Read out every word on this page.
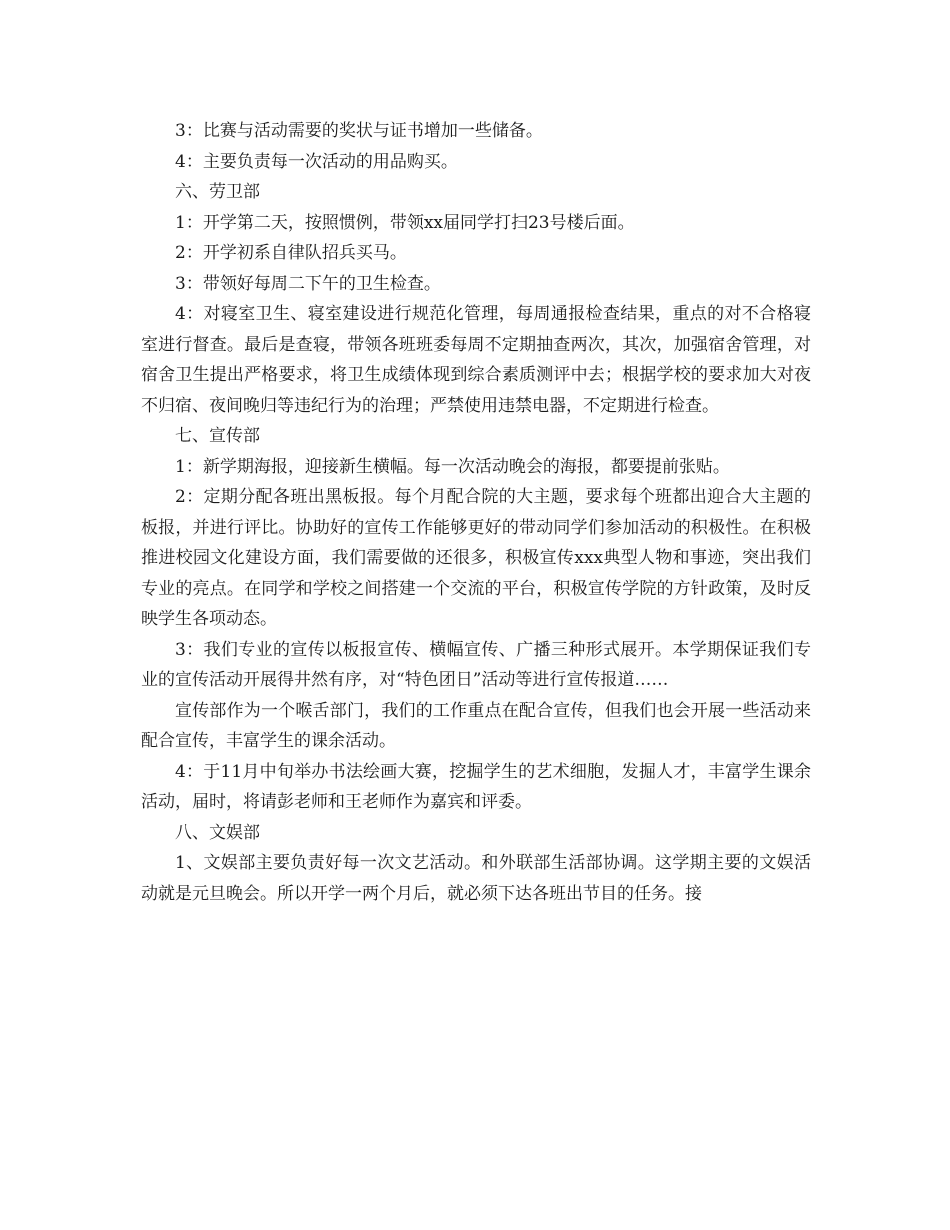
3：比赛与活动需要的奖状与证书增加一些储备。

4：主要负责每一次活动的用品购买。

六、劳卫部

1：开学第二天，按照惯例，带领xx届同学打扫23号楼后面。

2：开学初系自律队招兵买马。

3：带领好每周二下午的卫生检查。

4：对寝室卫生、寝室建设进行规范化管理，每周通报检查结果，重点的对不合格寝室进行督查。最后是查寝，带领各班班委每周不定期抽查两次，其次，加强宿舍管理，对宿舍卫生提出严格要求，将卫生成绩体现到综合素质测评中去；根据学校的要求加大对夜不归宿、夜间晚归等违纪行为的治理；严禁使用违禁电器，不定期进行检查。

七、宣传部

1：新学期海报，迎接新生横幅。每一次活动晚会的海报，都要提前张贴。

2：定期分配各班出黑板报。每个月配合院的大主题，要求每个班都出迎合大主题的板报，并进行评比。协助好的宣传工作能够更好的带动同学们参加活动的积极性。在积极推进校园文化建设方面，我们需要做的还很多，积极宣传xxx典型人物和事迹，突出我们专业的亮点。在同学和学校之间搭建一个交流的平台，积极宣传学院的方针政策，及时反映学生各项动态。

3：我们专业的宣传以板报宣传、横幅宣传、广播三种形式展开。本学期保证我们专业的宣传活动开展得井然有序，对“特色团日”活动等进行宣传报道……

宣传部作为一个喉舌部门，我们的工作重点在配合宣传，但我们也会开展一些活动来配合宣传，丰富学生的课余活动。

4：于11月中旬举办书法绘画大赛，挖掘学生的艺术细胞，发掘人才，丰富学生课余活动，届时，将请彭老师和王老师作为嘉宾和评委。

八、文娱部

1、文娱部主要负责好每一次文艺活动。和外联部生活部协调。这学期主要的文娱活动就是元旦晚会。所以开学一两个月后，就必须下达各班出节目的任务。接
